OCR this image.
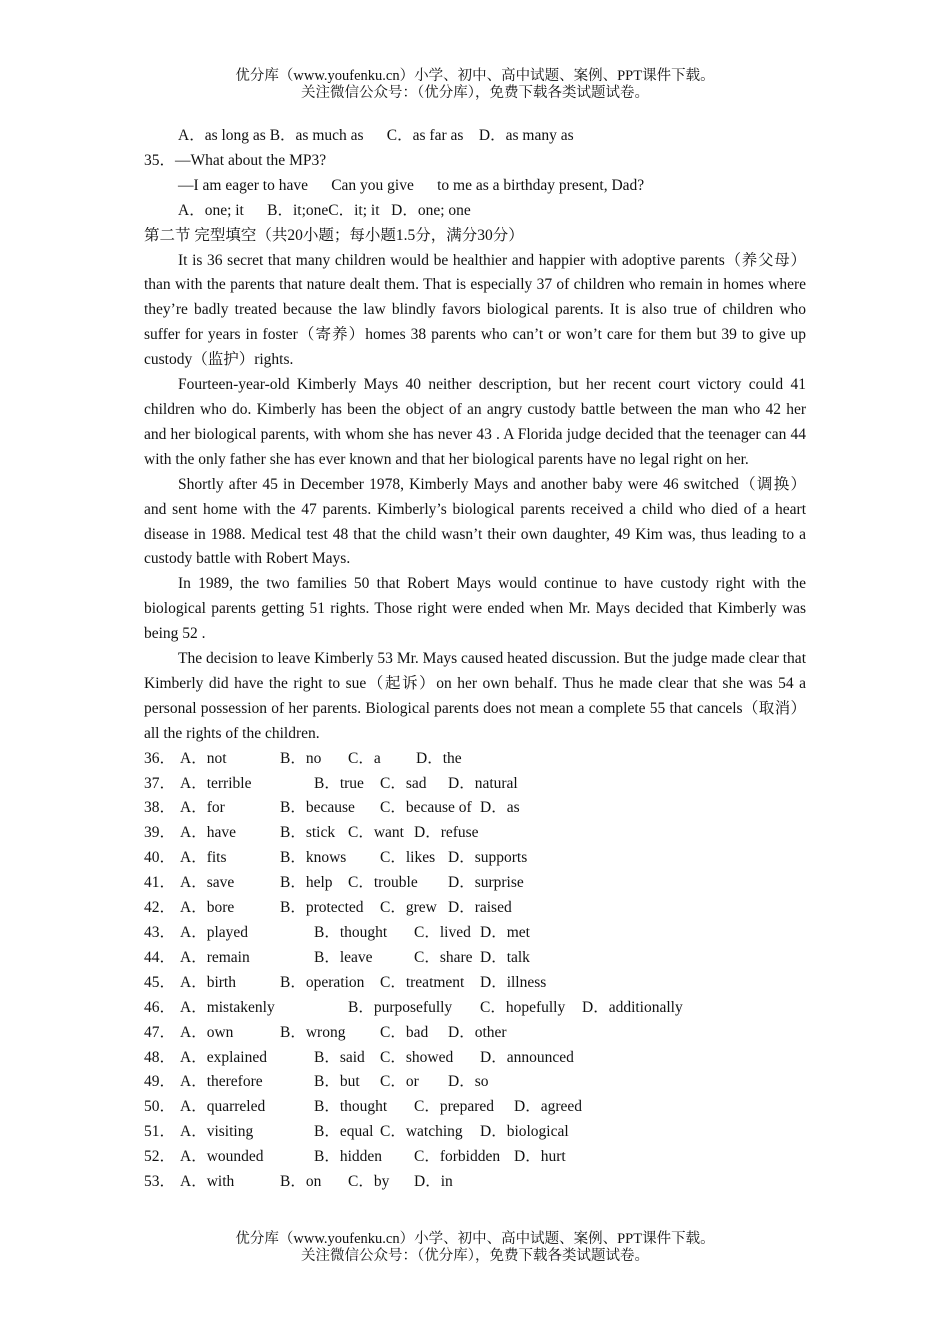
优分库（www.youfenku.cn）小学、初中、高中试题、案例、PPT课件下载。
关注微信公众号：（优分库），免费下载各类试题试卷。
A．as long as B．as much as      C．as far as    D．as many as
35．—What about the MP3?
—I am eager to have      Can you give      to me as a birthday present, Dad?
A．one; it      B．it;oneC．it; it   D．one; one
第二节 完型填空（共20小题；每小题1.5分，满分30分）
It is 36 secret that many children would be healthier and happier with adoptive parents（养父母）than with the parents that nature dealt them. That is especially 37 of children who remain in homes where they’re badly treated because the law blindly favors biological parents. It is also true of children who suffer for years in foster（寄养）homes 38 parents who can’t or won’t care for them but 39 to give up custody（监护）rights.
Fourteen-year-old Kimberly Mays 40 neither description, but her recent court victory could 41 children who do. Kimberly has been the object of an angry custody battle between the man who 42 her and her biological parents, with whom she has never 43 . A Florida judge decided that the teenager can 44 with the only father she has ever known and that her biological parents have no legal right on her.
Shortly after 45 in December 1978, Kimberly Mays and another baby were 46 switched（调换）and sent home with the 47 parents. Kimberly’s biological parents received a child who died of a heart disease in 1988. Medical test 48 that the child wasn’t their own daughter, 49 Kim was, thus leading to a custody battle with Robert Mays.
In 1989, the two families 50 that Robert Mays would continue to have custody right with the biological parents getting 51 rights. Those right were ended when Mr. Mays decided that Kimberly was being 52 .
The decision to leave Kimberly 53 Mr. Mays caused heated discussion. But the judge made clear that Kimberly did have the right to sue（起诉）on her own behalf. Thus he made clear that she was 54 a personal possession of her parents. Biological parents does not mean a complete 55 that cancels（取消）all the rights of the children.
36． A．not	B．no C．a D．the
37． A．terrible	B．true C．sad D．natural
38． A．for	B．because C．because of D．as
39． A．have	B．stick C．want D．refuse
40． A．fits	B．knows C．likes D．supports
41． A．save	B．help C．trouble D．surprise
42． A．bore	B．protected C．grew D．raised
43． A．played	B．thought C．lived D．met
44． A．remain	B．leave	C．share D．talk
45． A．birth	B．operation C．treatment D．illness
46． A．mistakenly	B．purposefully C．hopefully D．additionally
47． A．own	B．wrong C．bad D．other
48． A．explained	B．said C．showed D．announced
49． A．therefore	B．but C．or D．so
50． A．quarreled	B．thought C．prepared D．agreed
51． A．visiting	B．equal C．watching D．biological
52． A．wounded	B．hidden C．forbidden D．hurt
53． A．with	B．on C．by D．in
优分库（www.youfenku.cn）小学、初中、高中试题、案例、PPT课件下载。
关注微信公众号：（优分库），免费下载各类试题试卷。
